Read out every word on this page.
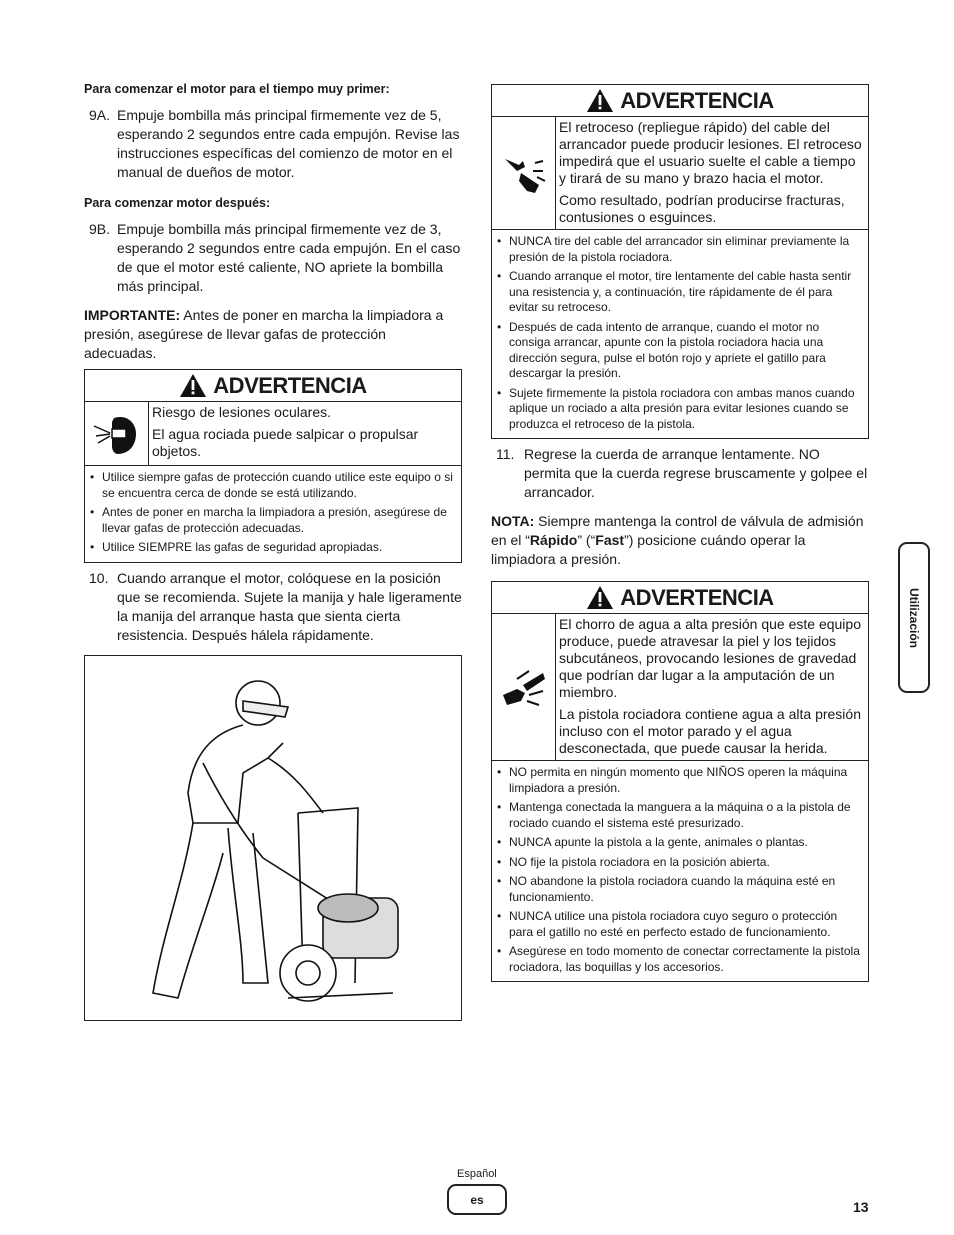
Para comenzar el motor para el tiempo muy primer:

9A. Empuje bombilla más principal firmemente vez de 5, esperando 2 segundos entre cada empujón. Revise las instrucciones específicas del comienzo de motor en el manual de dueños de motor.

Para comenzar motor después:

9B. Empuje bombilla más principal firmemente vez de 3, esperando 2 segundos entre cada empujón. En el caso de que el motor esté caliente, NO apriete la bombilla más principal.

IMPORTANTE: Antes de poner en marcha la limpiadora a presión, asegúrese de llevar gafas de protección adecuadas.

ADVERTENCIA

Riesgo de lesiones oculares.

El agua rociada puede salpicar o propulsar objetos.

• Utilice siempre gafas de protección cuando utilice este equipo o si se encuentra cerca de donde se está utilizando.
• Antes de poner en marcha la limpiadora a presión, asegúrese de llevar gafas de protección adecuadas.
• Utilice SIEMPRE las gafas de seguridad apropiadas.
10. Cuando arranque el motor, colóquese en la posición que se recomienda. Sujete la manija y hale ligeramente la manija del arranque hasta que sienta cierta resistencia. Después hálela rápidamente.
ADVERTENCIA

El retroceso (repliegue rápido) del cable del arrancador puede producir lesiones. El retroceso impedirá que el usuario suelte el cable a tiempo y tirará de su mano y brazo hacia el motor.

Como resultado, podrían producirse fracturas, contusiones o esguinces.

• NUNCA tire del cable del arrancador sin eliminar previamente la presión de la pistola rociadora.
• Cuando arranque el motor, tire lentamente del cable hasta sentir una resistencia y, a continuación, tire rápidamente de él para evitar su retroceso.
• Después de cada intento de arranque, cuando el motor no consiga arrancar, apunte con la pistola rociadora hacia una dirección segura, pulse el botón rojo y apriete el gatillo para descargar la presión.
• Sujete firmemente la pistola rociadora con ambas manos cuando aplique un rociado a alta presión para evitar lesiones cuando se produzca el retroceso de la pistola.
11. Regrese la cuerda de arranque lentamente. NO permita que la cuerda regrese bruscamente y golpee el arrancador.

NOTA: Siempre mantenga la control de válvula de admisión en el “Rápido” (“Fast”) posicione cuándo operar la limpiadora a presión.

ADVERTENCIA

El chorro de agua a alta presión que este equipo produce, puede atravesar la piel y los tejidos subcutáneos, provocando lesiones de gravedad que podrían dar lugar a la amputación de un miembro.

La pistola rociadora contiene agua a alta presión incluso con el motor parado y el agua desconectada, que puede causar la herida.

• NO permita en ningún momento que NIÑOS operen la máquina limpiadora a presión.
• Mantenga conectada la manguera a la máquina o a la pistola de rociado cuando el sistema esté presurizado.
• NUNCA apunte la pistola a la gente, animales o plantas.
• NO fije la pistola rociadora en la posición abierta.
• NO abandone la pistola rociadora cuando la máquina esté en funcionamiento.
• NUNCA utilice una pistola rociadora cuyo seguro o protección para el gatillo no esté en perfecto estado de funcionamiento.
• Asegúrese en todo momento de conectar correctamente la pistola rociadora, las boquillas y los accesorios.
Utilización
Español
es	13
